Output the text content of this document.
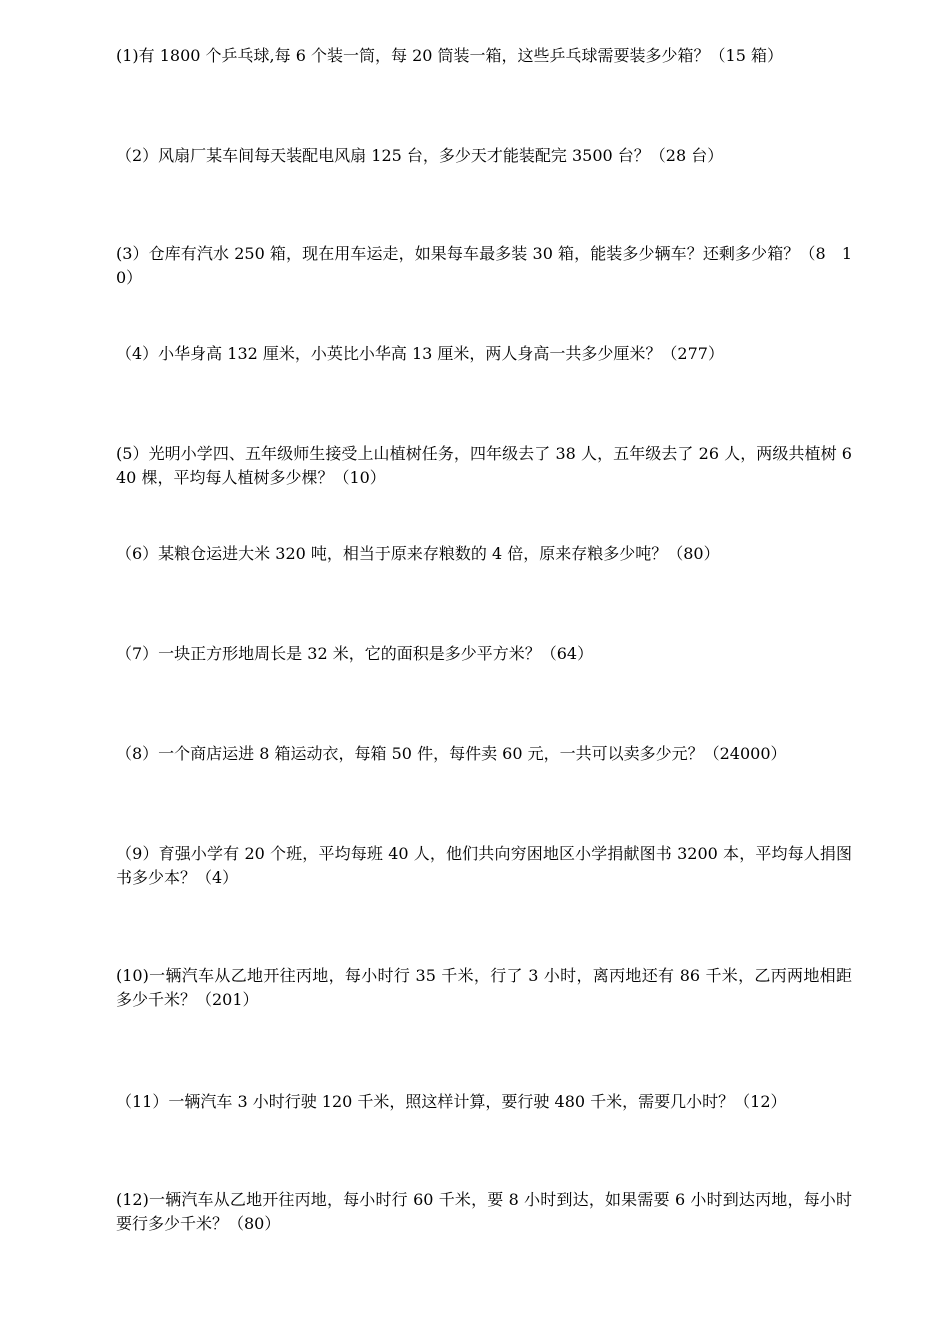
(1)有 1800 个乒乓球,每 6 个装一筒，每 20 筒装一箱，这些乒乓球需要装多少箱？（15 箱）

（2）风扇厂某车间每天装配电风扇 125 台，多少天才能装配完 3500 台？（28 台）

(3）仓库有汽水 250 箱，现在用车运走，如果每车最多装 30 箱，能装多少辆车？还剩多少箱？（8　10）

（4）小华身高 132 厘米，小英比小华高 13 厘米，两人身高一共多少厘米？（277）

(5）光明小学四、五年级师生接受上山植树任务，四年级去了 38 人，五年级去了 26 人，两级共植树 640 棵，平均每人植树多少棵？（10）

（6）某粮仓运进大米 320 吨，相当于原来存粮数的 4 倍，原来存粮多少吨？（80）

（7）一块正方形地周长是 32 米，它的面积是多少平方米？（64）

（8）一个商店运进 8 箱运动衣，每箱 50 件，每件卖 60 元，一共可以卖多少元？（24000）

（9）育强小学有 20 个班，平均每班 40 人，他们共向穷困地区小学捐献图书 3200 本，平均每人捐图书多少本？（4）

(10)一辆汽车从乙地开往丙地，每小时行 35 千米，行了 3 小时，离丙地还有 86 千米，乙丙两地相距多少千米？（201）

（11）一辆汽车 3 小时行驶 120 千米，照这样计算，要行驶 480 千米，需要几小时？（12）

(12)一辆汽车从乙地开往丙地，每小时行 60 千米，要 8 小时到达，如果需要 6 小时到达丙地，每小时要行多少千米？（80）
